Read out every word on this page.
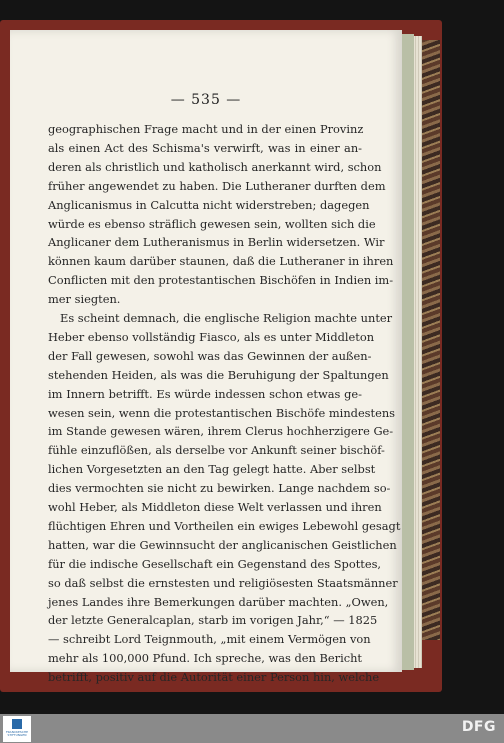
— 535 —
geographischen Frage macht und in der einen Provinz
als einen Act des Schisma's verwirft, was in einer an-
deren als christlich und katholisch anerkannt wird, schon
früher angewendet zu haben. Die Lutheraner durften dem
Anglicanismus in Calcutta nicht widerstreben; dagegen
würde es ebenso sträflich gewesen sein, wollten sich die
Anglicaner dem Lutheranismus in Berlin widersetzen. Wir
können kaum darüber staunen, daß die Lutheraner in ihren
Conflicten mit den protestantischen Bischöfen in Indien im-
mer siegten.
Es scheint demnach, die englische Religion machte unter
Heber ebenso vollständig Fiasco, als es unter Middleton
der Fall gewesen, sowohl was das Gewinnen der außen-
stehenden Heiden, als was die Beruhigung der Spaltungen
im Innern betrifft. Es würde indessen schon etwas ge-
wesen sein, wenn die protestantischen Bischöfe mindestens
im Stande gewesen wären, ihrem Clerus hochherzigere Ge-
fühle einzuflößen, als derselbe vor Ankunft seiner bischöf-
lichen Vorgesetzten an den Tag gelegt hatte. Aber selbst
dies vermochten sie nicht zu bewirken. Lange nachdem so-
wohl Heber, als Middleton diese Welt verlassen und ihren
flüchtigen Ehren und Vortheilen ein ewiges Lebewohl gesagt
hatten, war die Gewinnsucht der anglicanischen Geistlichen
für die indische Gesellschaft ein Gegenstand des Spottes,
so daß selbst die ernstesten und religiösesten Staatsmänner
jenes Landes ihre Bemerkungen darüber machten. „Owen,
der letzte Generalcaplan, starb im vorigen Jahr,“ — 1825
— schreibt Lord Teignmouth, „mit einem Vermögen von
mehr als 100,000 Pfund. Ich spreche, was den Bericht
betrifft, positiv auf die Autorität einer Person hin, welche
FRANCKESCHE STIFTUNGEN	DFG
